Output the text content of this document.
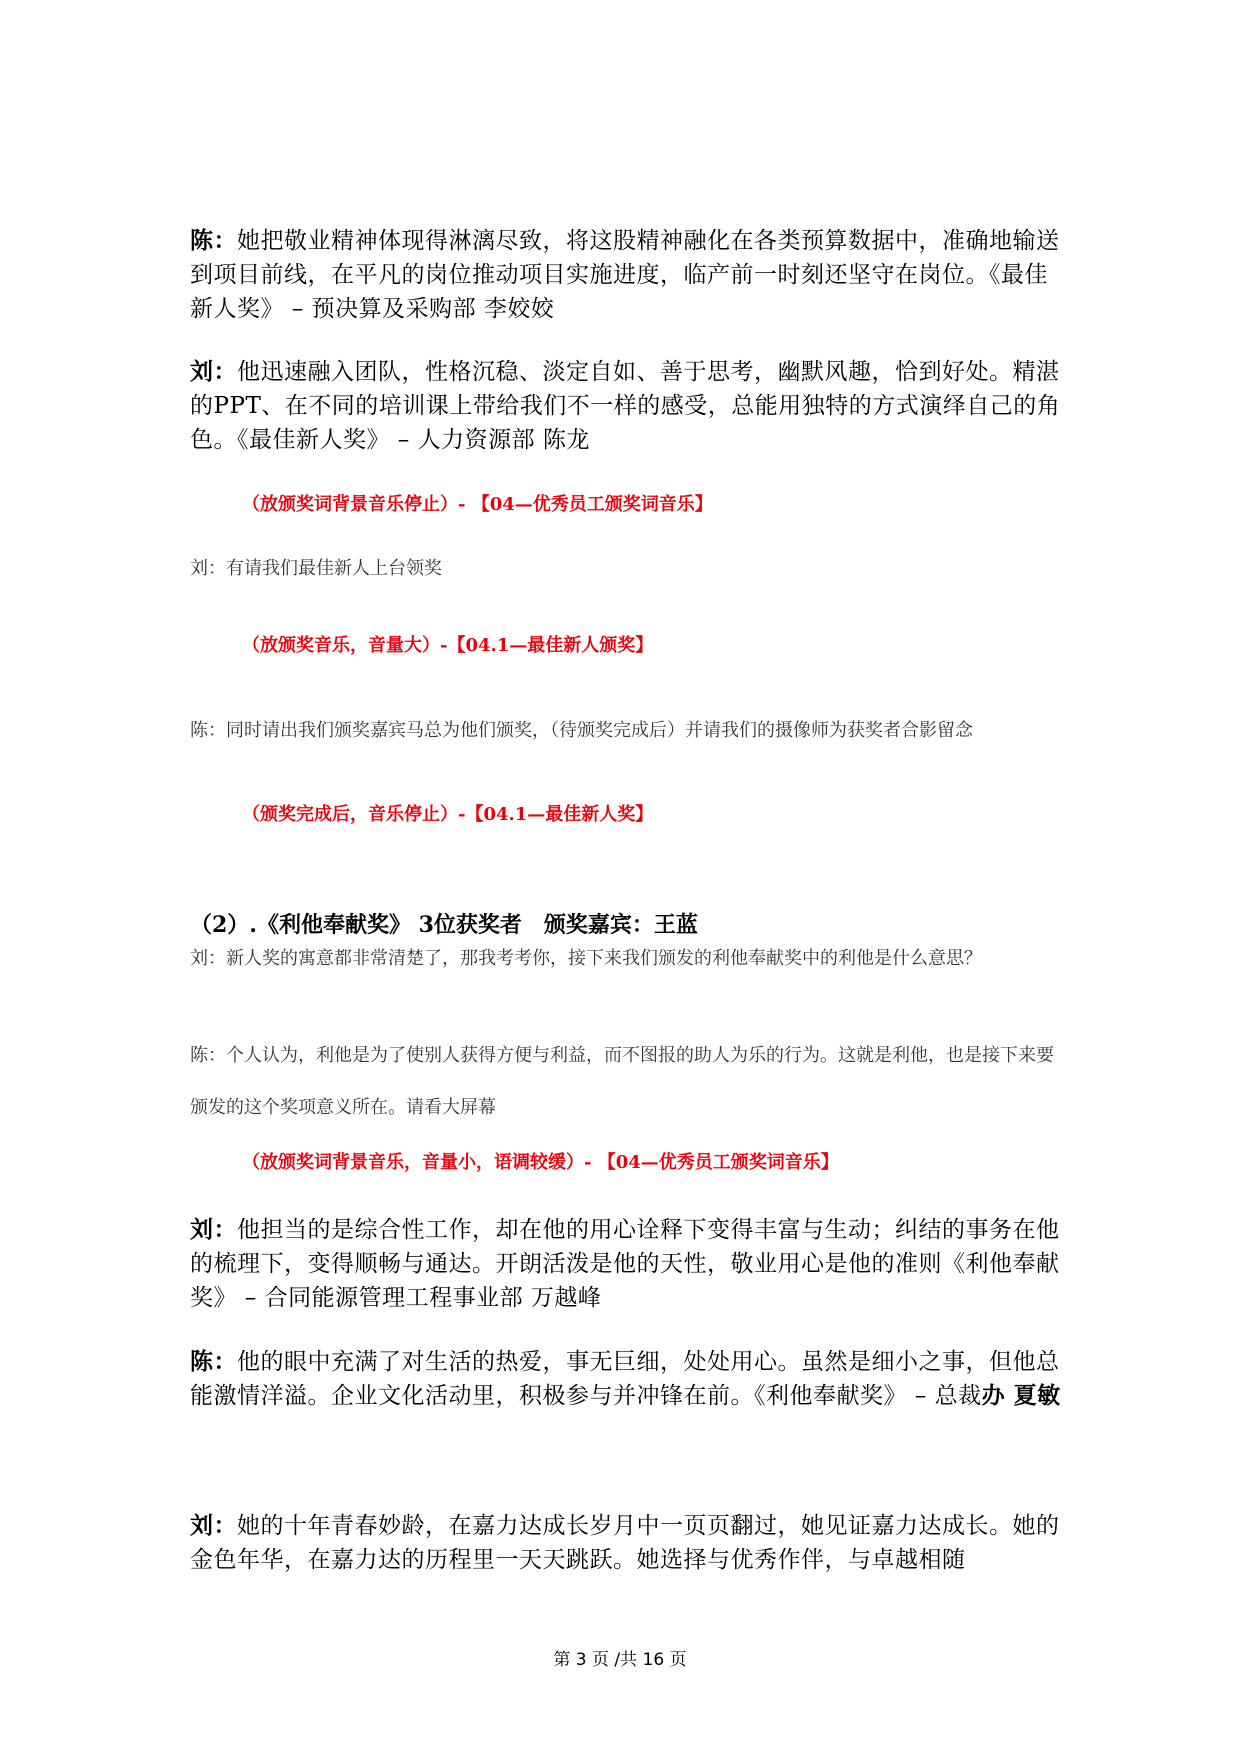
陈：她把敬业精神体现得淋漓尽致，将这股精神融化在各类预算数据中，准确地输送到项目前线，在平凡的岗位推动项目实施进度，临产前一时刻还坚守在岗位。《最佳新人奖》 – 预决算及采购部 李姣姣

刘：他迅速融入团队，性格沉稳、淡定自如、善于思考，幽默风趣，恰到好处。精湛的PPT、在不同的培训课上带给我们不一样的感受，总能用独特的方式演绎自己的角色。《最佳新人奖》 – 人力资源部 陈龙

（放颁奖词背景音乐停止）- 【04—优秀员工颁奖词音乐】

刘：有请我们最佳新人上台领奖

（放颁奖音乐，音量大）-【04.1—最佳新人颁奖】

陈：同时请出我们颁奖嘉宾马总为他们颁奖，（待颁奖完成后）并请我们的摄像师为获奖者合影留念

（颁奖完成后，音乐停止）-【04.1—最佳新人奖】

（2）.《利他奉献奖》 3位获奖者　颁奖嘉宾：王蓝

刘：新人奖的寓意都非常清楚了，那我考考你，接下来我们颁发的利他奉献奖中的利他是什么意思？

陈：个人认为，利他是为了使别人获得方便与利益，而不图报的助人为乐的行为。这就是利他，也是接下来要颁发的这个奖项意义所在。请看大屏幕

（放颁奖词背景音乐，音量小，语调较缓）- 【04—优秀员工颁奖词音乐】

刘：他担当的是综合性工作，却在他的用心诠释下变得丰富与生动；纠结的事务在他的梳理下，变得顺畅与通达。开朗活泼是他的天性，敬业用心是他的准则《利他奉献奖》 – 合同能源管理工程事业部 万越峰

陈：他的眼中充满了对生活的热爱，事无巨细，处处用心。虽然是细小之事，但他总能激情洋溢。企业文化活动里，积极参与并冲锋在前。《利他奉献奖》 – 总裁办 夏敏

刘：她的十年青春妙龄，在嘉力达成长岁月中一页页翻过，她见证嘉力达成长。她的金色年华，在嘉力达的历程里一天天跳跃。她选择与优秀作伴，与卓越相随

第 3 页 /共 16 页
